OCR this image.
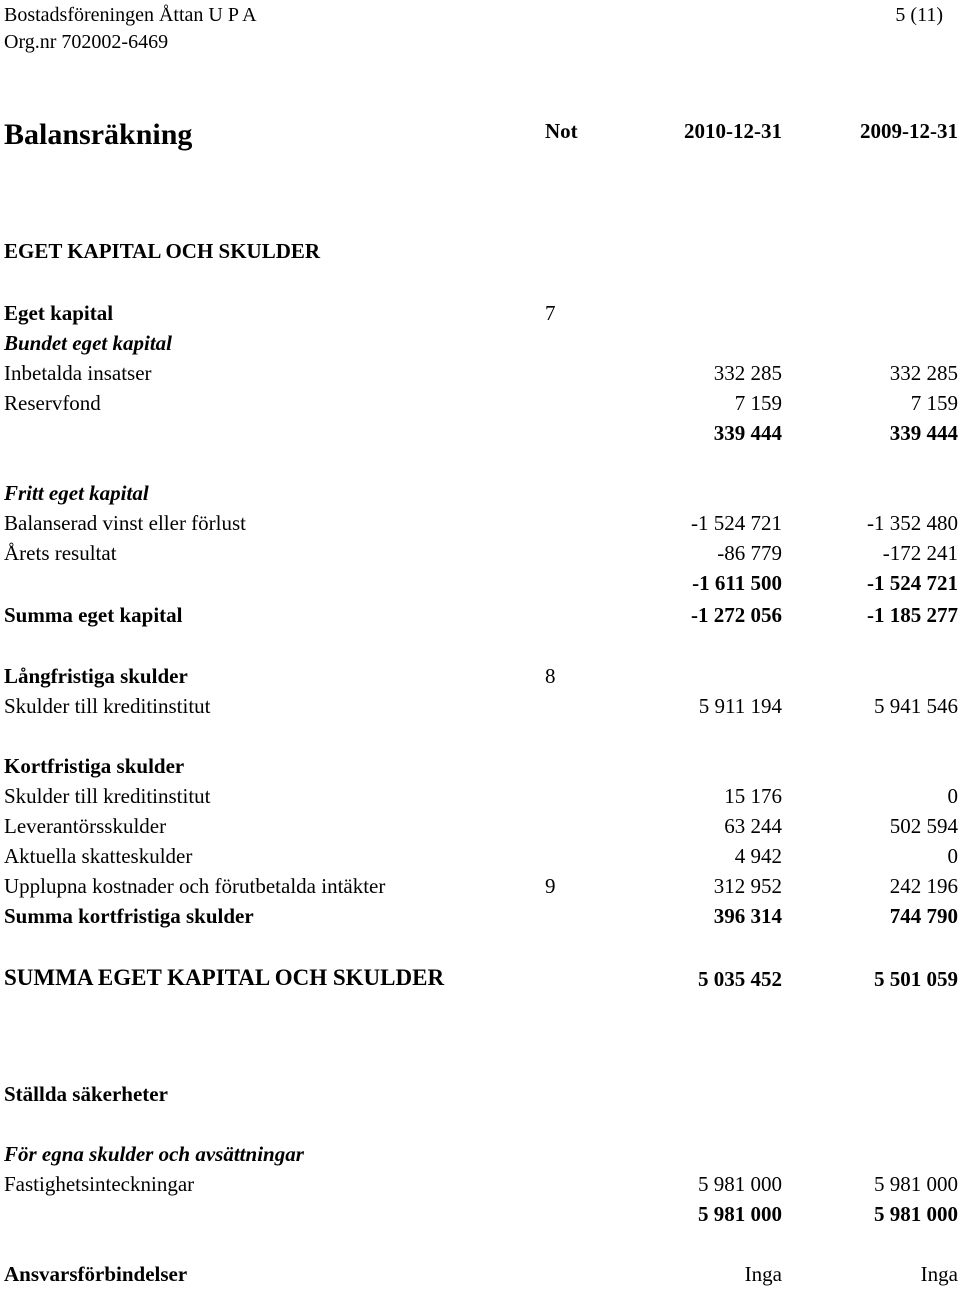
Bostadsföreningen Åttan U P A	5 (11)
Org.nr 702002-6469
Balansräkning	Not	2010-12-31	2009-12-31
EGET KAPITAL OCH SKULDER
Eget kapital	7
Bundet eget kapital
Inbetalda insatser	332 285	332 285
Reservfond	7 159	7 159
339 444	339 444
Fritt eget kapital
Balanserad vinst eller förlust	-1 524 721	-1 352 480
Årets resultat	-86 779	-172 241
-1 611 500	-1 524 721
Summa eget kapital	-1 272 056	-1 185 277
Långfristiga skulder	8
Skulder till kreditinstitut	5 911 194	5 941 546
Kortfristiga skulder
Skulder till kreditinstitut	15 176	0
Leverantörsskulder	63 244	502 594
Aktuella skatteskulder	4 942	0
Upplupna kostnader och förutbetalda intäkter	9	312 952	242 196
Summa kortfristiga skulder	396 314	744 790
SUMMA EGET KAPITAL OCH SKULDER	5 035 452	5 501 059
Ställda säkerheter
För egna skulder och avsättningar
Fastighetsinteckningar	5 981 000	5 981 000
5 981 000	5 981 000
Ansvarsförbindelser	Inga	Inga
